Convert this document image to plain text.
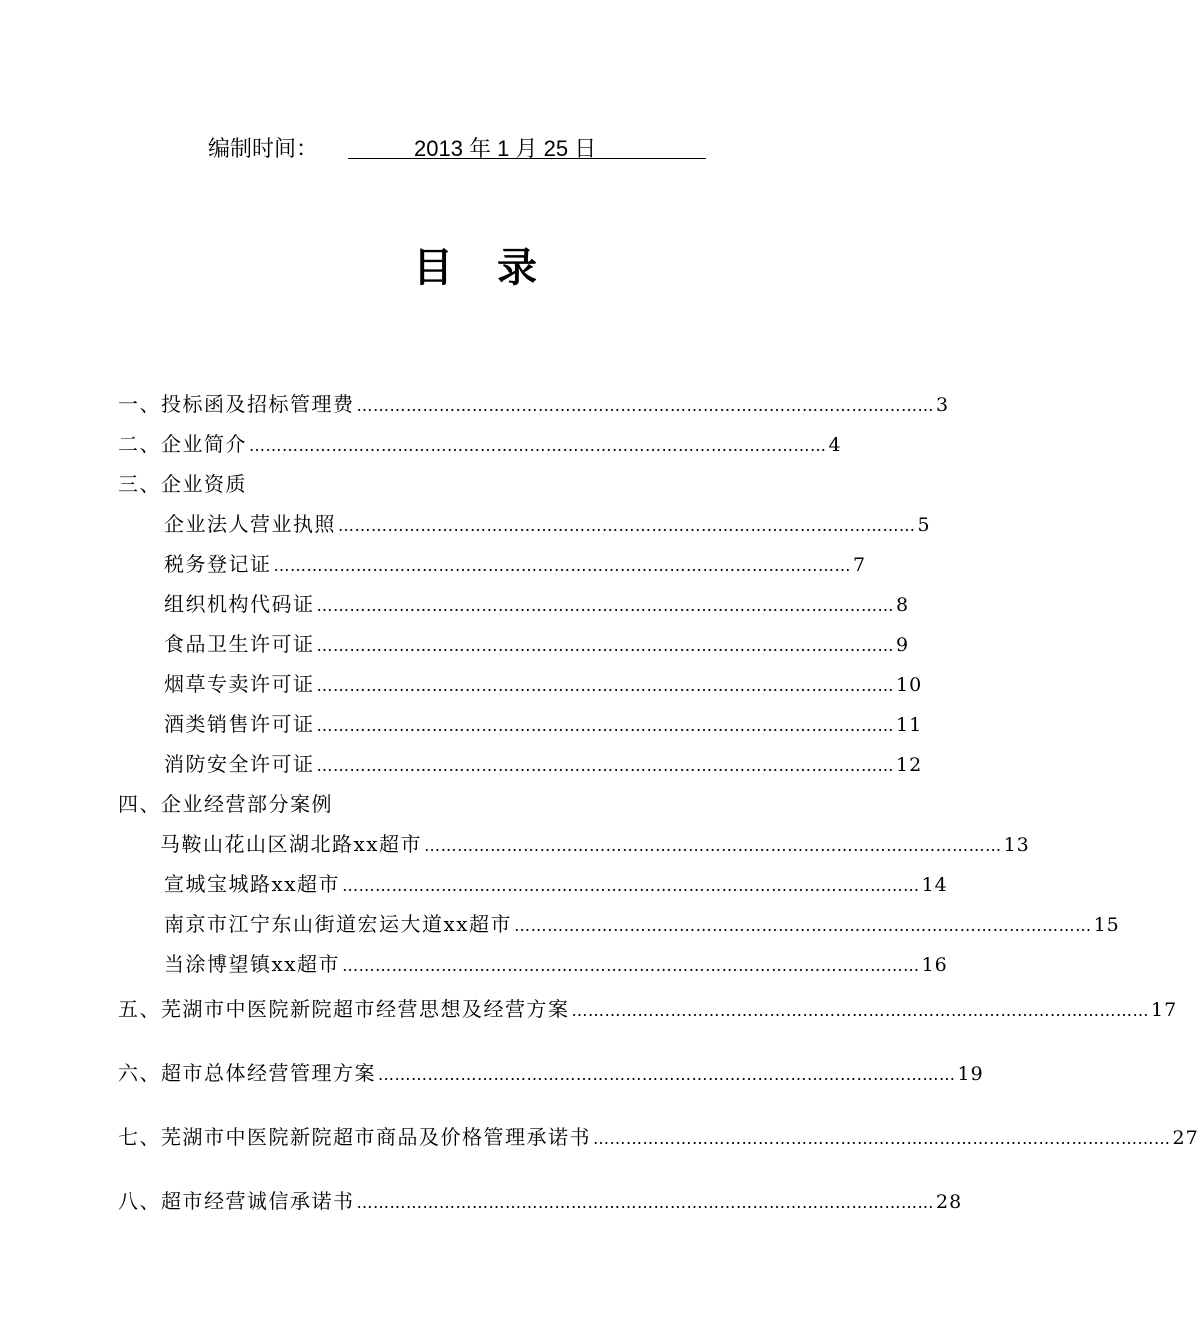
编制时间：	2013 年 1 月 25 日
目录
一、投标函及招标管理费 …………………………………………………………………………………………… 3
二、企业简介 …………………………………………………………………………………………… 4
三、企业资质
企业法人营业执照 …………………………………………………………………………………………… 5
税务登记证 …………………………………………………………………………………………… 7
组织机构代码证 …………………………………………………………………………………………… 8
食品卫生许可证 …………………………………………………………………………………………… 9
烟草专卖许可证 …………………………………………………………………………………………… 10
酒类销售许可证 …………………………………………………………………………………………… 11
消防安全许可证 …………………………………………………………………………………………… 12
四、企业经营部分案例
马鞍山花山区湖北路xx超市 …………………………………………………………………………………………… 13
宣城宝城路xx超市 …………………………………………………………………………………………… 14
南京市江宁东山街道宏运大道xx超市 …………………………………………………………………………………………… 15
当涂博望镇xx超市 …………………………………………………………………………………………… 16
五、芜湖市中医院新院超市经营思想及经营方案 …………………………………………………………………………………………… 17
六、超市总体经营管理方案 …………………………………………………………………………………………… 19
七、芜湖市中医院新院超市商品及价格管理承诺书 …………………………………………………………………………………………… 27
八、超市经营诚信承诺书 …………………………………………………………………………………………… 28
